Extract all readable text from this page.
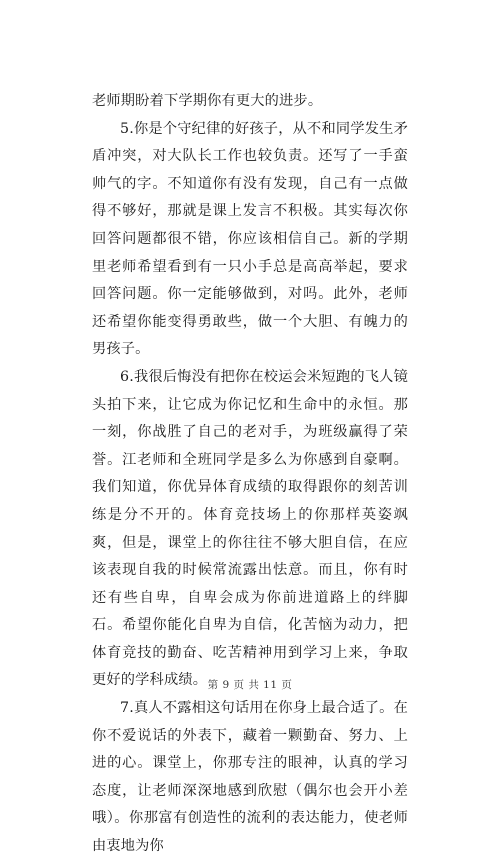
老师期盼着下学期你有更大的进步。

5.你是个守纪律的好孩子，从不和同学发生矛盾冲突，对大队长工作也较负责。还写了一手蛮帅气的字。不知道你有没有发现，自己有一点做得不够好，那就是课上发言不积极。其实每次你回答问题都很不错，你应该相信自己。新的学期里老师希望看到有一只小手总是高高举起，要求回答问题。你一定能够做到，对吗。此外，老师还希望你能变得勇敢些，做一个大胆、有魄力的男孩子。

6.我很后悔没有把你在校运会米短跑的飞人镜头拍下来，让它成为你记忆和生命中的永恒。那一刻，你战胜了自己的老对手，为班级赢得了荣誉。江老师和全班同学是多么为你感到自豪啊。我们知道，你优异体育成绩的取得跟你的刻苦训练是分不开的。体育竞技场上的你那样英姿飒爽，但是，课堂上的你往往不够大胆自信，在应该表现自我的时候常流露出怯意。而且，你有时还有些自卑，自卑会成为你前进道路上的绊脚石。希望你能化自卑为自信，化苦恼为动力，把体育竞技的勤奋、吃苦精神用到学习上来，争取更好的学科成绩。

7.真人不露相这句话用在你身上最合适了。在你不爱说话的外表下，藏着一颗勤奋、努力、上进的心。课堂上，你那专注的眼神，认真的学习态度，让老师深深地感到欣慰（偶尔也会开小差哦）。你那富有创造性的流利的表达能力，使老师由衷地为你

第 9 页 共 11 页
